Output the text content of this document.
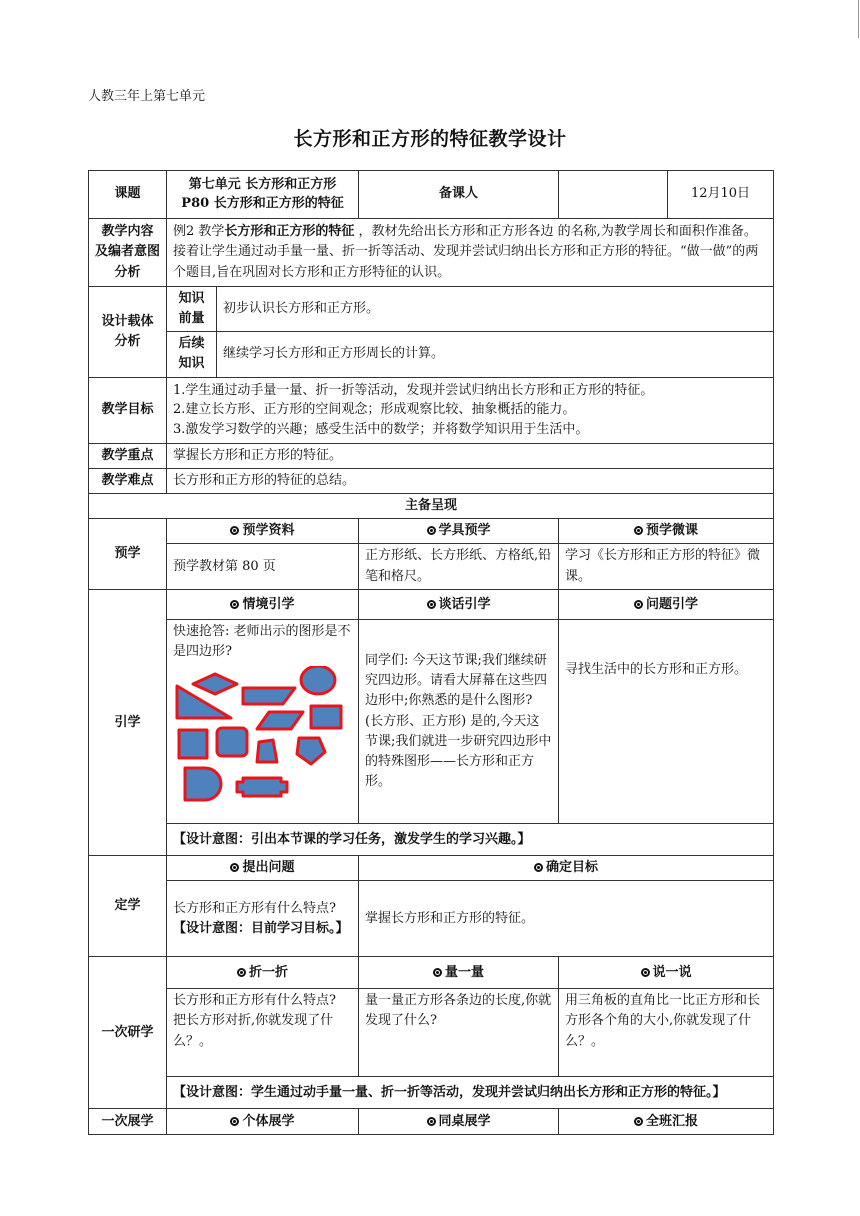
人教三年上第七单元
长方形和正方形的特征教学设计
课题	第七单元 长方形和正方形
P80 长方形和正方形的特征		备课人		12月10日

教学内容
及编者意图分析	例2 教学长方形和正方形的特征 ，教材先给出长方形和正方形各边 的名称,为教学周长和面积作准备。接着让学生通过动手量一量、折一折等活动、发现并尝试归纳出长方形和正方形的特征。“做一做”的两个题目,旨在巩固对长方形和正方形特征的认识。				

设计载体
分析	知识前量	初步认识长方形和正方形。			
	后续知识	继续学习长方形和正方形周长的计算。			
教学目标	1.学生通过动手量一量、折一折等活动，发现并尝试归纳出长方形和正方形的特征。
2.建立长方形、正方形的空间观念；形成观察比较、抽象概括的能力。
3.激发学习数学的兴趣；感受生活中的数学；并将数学知识用于生活中。				

教学重点	掌握长方形和正方形的特征。				
教学难点	长方形和正方形的特征的总结。				
主备呈现					
预学	预学资料		学具预学	预学微课	
	预学教材第 80 页		正方形纸、长方形纸、方格纸,铅笔和格尺。	学习《长方形和正方形的特征》微课。	
引学	情境引学		谈话引学	问题引学	

	快速抢答: 老师出示的图形是不是四边形?		同学们: 今天这节课;我们继续研究四边形。请看大屏幕在这些四边形中;你熟悉的是什么图形? (长方形、正方形) 是的,今天这节课;我们就进一步研究四边形中的特殊图形——长方形和正方形。	寻找生活中的长方形和正方形。	
	【设计意图：引出本节课的学习任务，激发学生的学习兴趣。】				
定学	提出问题		确定目标		

	长方形和正方形有什么特点?
【设计意图：目前学习目标。】		掌握长方形和正方形的特征。		
一次研学	折一折		量一量	说一说	

	长方形和正方形有什么特点?
把长方形对折,你就发现了什么？。		量一量正方形各条边的长度,你就发现了什么?	用三角板的直角比一比正方形和长方形各个角的大小,你就发现了什么？。	
	【设计意图：学生通过动手量一量、折一折等活动，发现并尝试归纳出长方形和正方形的特征。】				
一次展学	个体展学		同桌展学	全班汇报	
